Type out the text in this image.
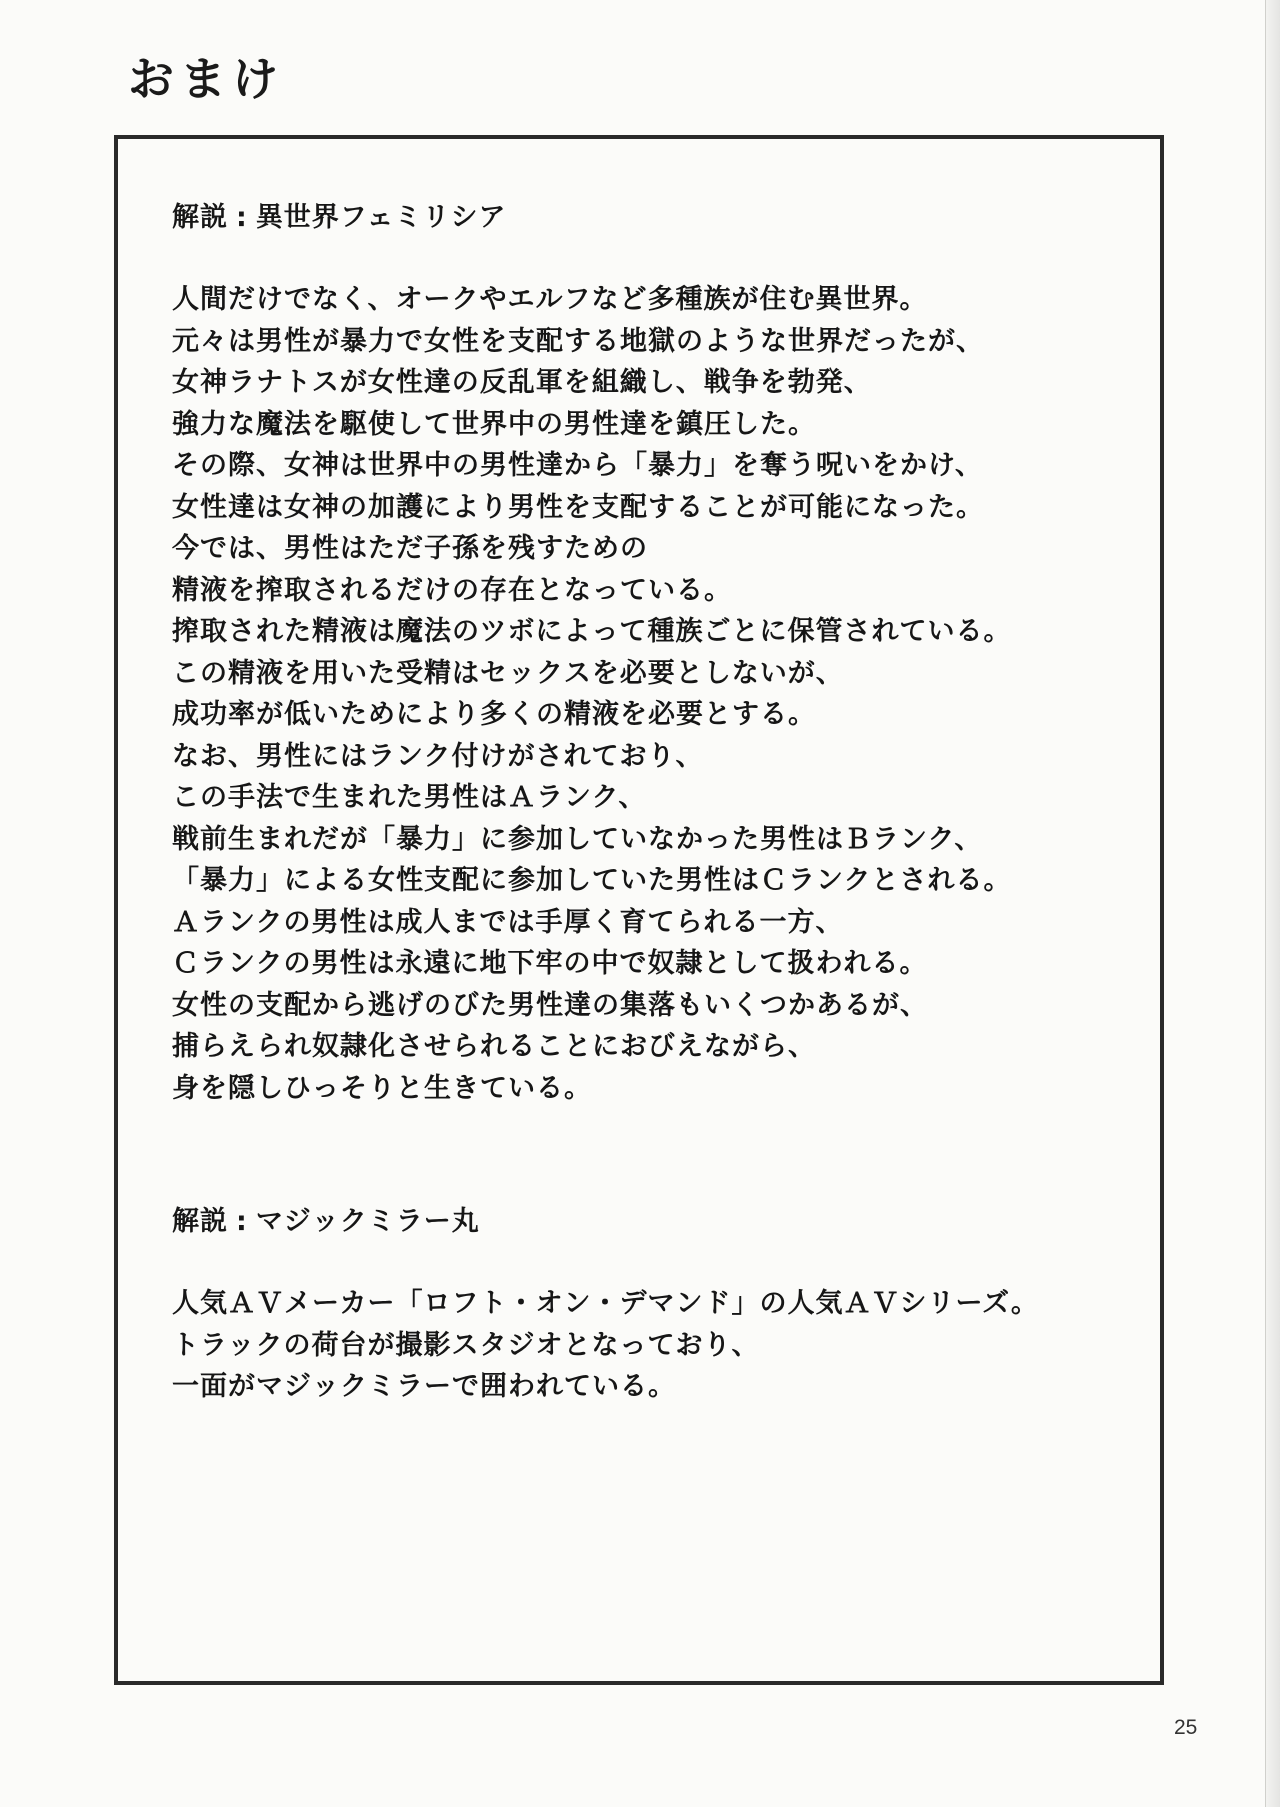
おまけ
解説 : 異世界フェミリシア
人間だけでなく、オークやエルフなど多種族が住む異世界。
元々は男性が暴力で女性を支配する地獄のような世界だったが、
女神ラナトスが女性達の反乱軍を組織し、戦争を勃発、
強力な魔法を駆使して世界中の男性達を鎮圧した。
その際、女神は世界中の男性達から「暴力」を奪う呪いをかけ、
女性達は女神の加護により男性を支配することが可能になった。
今では、男性はただ子孫を残すための
精液を搾取されるだけの存在となっている。
搾取された精液は魔法のツボによって種族ごとに保管されている。
この精液を用いた受精はセックスを必要としないが、
成功率が低いためにより多くの精液を必要とする。
なお、男性にはランク付けがされており、
この手法で生まれた男性はＡランク、
戦前生まれだが「暴力」に参加していなかった男性はＢランク、
「暴力」による女性支配に参加していた男性はＣランクとされる。
Ａランクの男性は成人までは手厚く育てられる一方、
Ｃランクの男性は永遠に地下牢の中で奴隷として扱われる。
女性の支配から逃げのびた男性達の集落もいくつかあるが、
捕らえられ奴隷化させられることにおびえながら、
身を隠しひっそりと生きている。
解説 : マジックミラー丸
人気ＡＶメーカー「ロフト・オン・デマンド」の人気ＡＶシリーズ。
トラックの荷台が撮影スタジオとなっており、
一面がマジックミラーで囲われている。
25
